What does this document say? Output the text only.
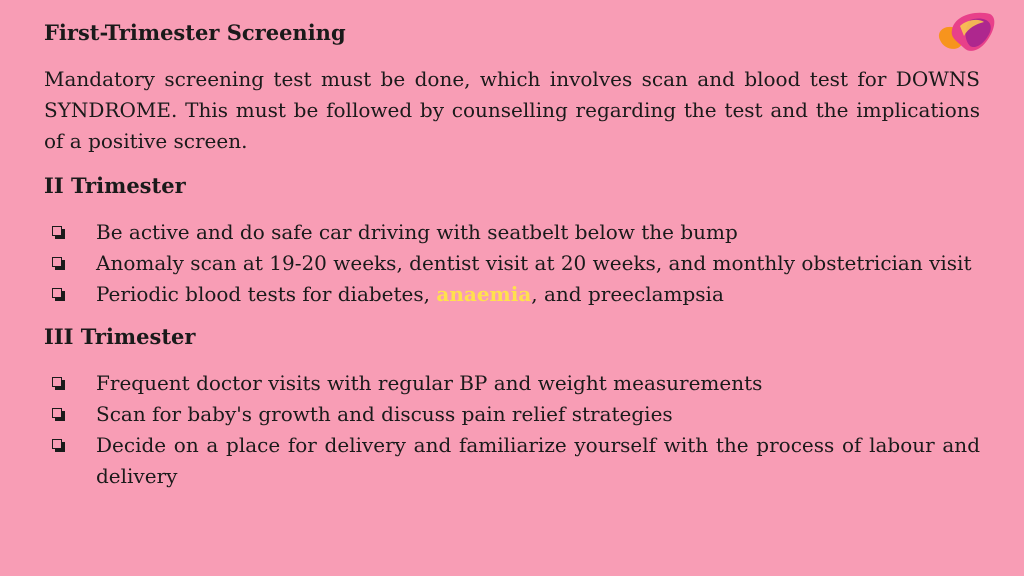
First-Trimester Screening

Mandatory screening test must be done, which involves scan and blood test for DOWNS SYNDROME. This must be followed by counselling regarding the test and the implications of a positive screen.

II Trimester
Be active and do safe car driving with seatbelt below the bump
Anomaly scan at 19-20 weeks, dentist visit at 20 weeks, and monthly obstetrician visit
Periodic blood tests for diabetes, anaemia, and preeclampsia
III Trimester
Frequent doctor visits with regular BP and weight measurements
Scan for baby's growth and discuss pain relief strategies
Decide on a place for delivery and familiarize yourself with the process of labour and delivery
